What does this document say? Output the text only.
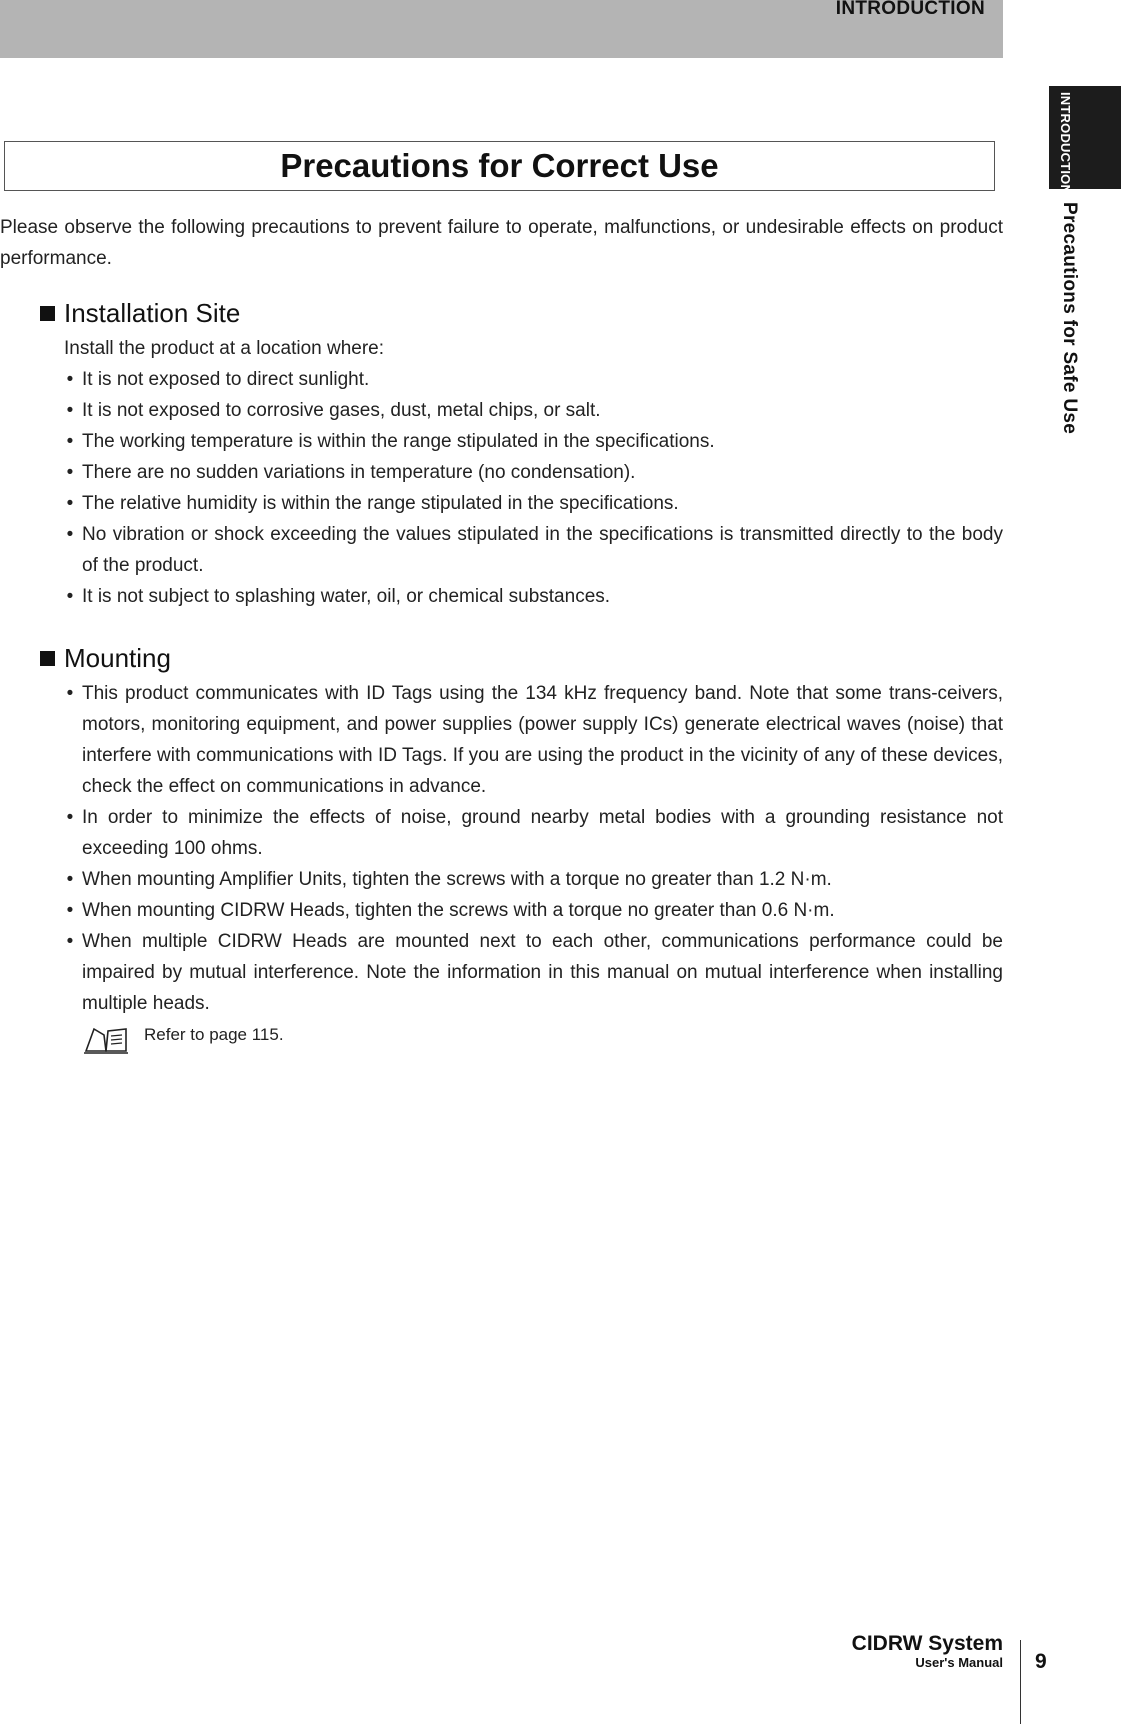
INTRODUCTION
INTRODUCTION
Precautions for Safe Use
Precautions for Correct Use

Please observe the following precautions to prevent failure to operate, malfunctions, or undesirable effects on product performance.

Installation Site
Install the product at a location where:
• It is not exposed to direct sunlight.
• It is not exposed to corrosive gases, dust, metal chips, or salt.
• The working temperature is within the range stipulated in the specifications.
• There are no sudden variations in temperature (no condensation).
• The relative humidity is within the range stipulated in the specifications.
• No vibration or shock exceeding the values stipulated in the specifications is transmitted directly to the body of the product.
• It is not subject to splashing water, oil, or chemical substances.
Mounting
• This product communicates with ID Tags using the 134 kHz frequency band. Note that some trans-ceivers, motors, monitoring equipment, and power supplies (power supply ICs) generate electrical waves (noise) that interfere with communications with ID Tags. If you are using the product in the vicinity of any of these devices, check the effect on communications in advance.
• In order to minimize the effects of noise, ground nearby metal bodies with a grounding resistance not exceeding 100 ohms.
• When mounting Amplifier Units, tighten the screws with a torque no greater than 1.2 N·m.
• When mounting CIDRW Heads, tighten the screws with a torque no greater than 0.6 N·m.
• When multiple CIDRW Heads are mounted next to each other, communications performance could be impaired by mutual interference. Note the information in this manual on mutual interference when installing multiple heads.
Refer to page 115.
CIDRW System
User's Manual 9
